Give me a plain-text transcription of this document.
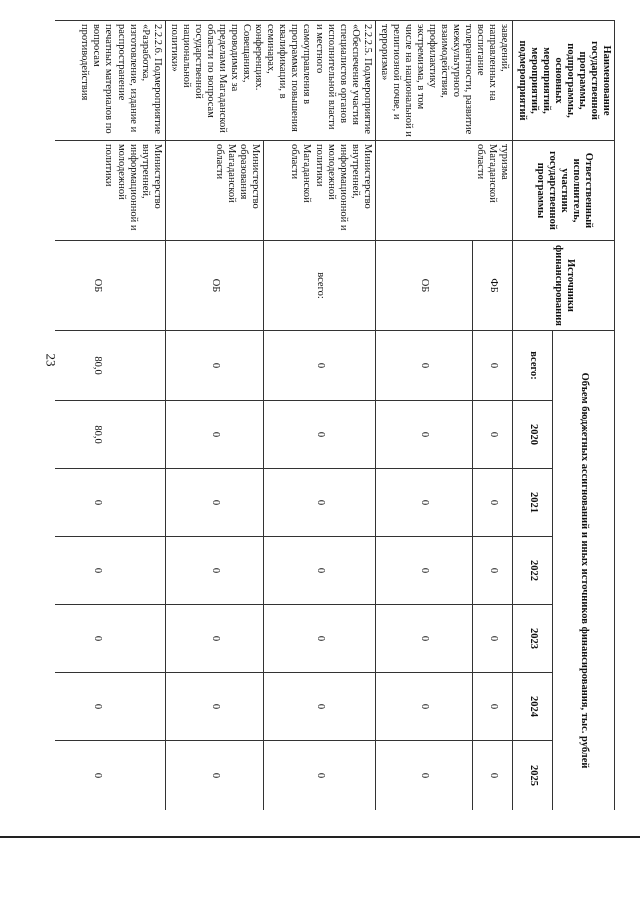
23
Наименование государственной программы, подпрограммы, основных мероприятий, мероприятий, подмероприятий	Ответственный исполнитель, участник государственной программы	Источники финансирования	Объем бюджетных ассигнований и иных источников финансирования, тыс. рублей						
			всего:	2020	2021	2022	2023	2024	2025
заведений, направленных на воспитание толерантности, развитие межкультурного взаимодействия, профилактику экстремизма, в том числе на национальной и религиозной почве, и терроризма»	туризма Магаданской области	ФБ	0	0	0	0	0	0	0
		ОБ	0	0	0	0	0	0	0
2.2.2.5. Подмероприятие «Обеспечение участия специалистов органов исполнительной власти и местного самоуправления в программах повышения квалификации, в семинарах, конференциях. Совещаниях, проводимых за пределами Магаданской области по вопросам государственной национальной политики»	Министерство внутренней, информационной и молодежной политики Магаданской области	всего:	0	0	0	0	0	0	0
	Министерство образования Магаданской области	ОБ	0	0	0	0	0	0	0
2.2.2.6. Подмероприятие «Разработка, изготовление, издание и распространение печатных материалов по вопросам противодействия	Министерство внутренней, информационной и молодежной политики	ОБ	80,0	80,0	0	0	0	0	0
